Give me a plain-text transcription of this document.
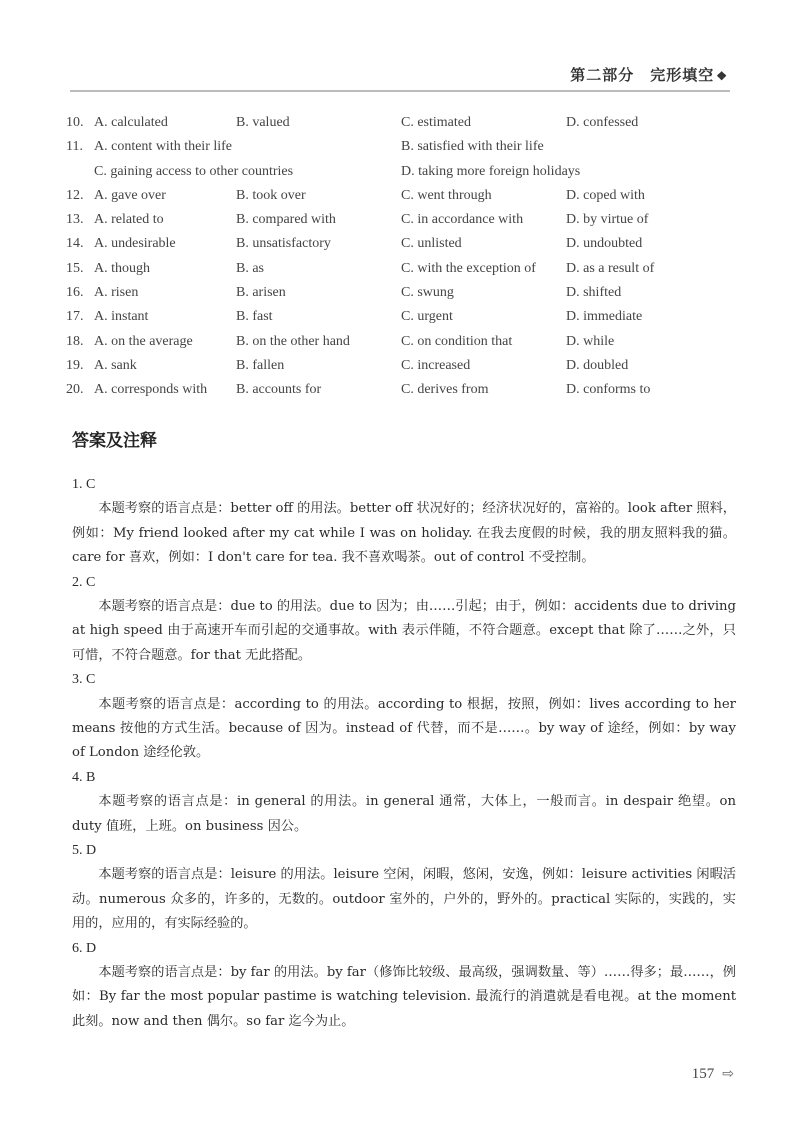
第二部分　完形填空 ❖
10. A. calculated	B. valued	C. estimated	D. confessed
11. A. content with their life	B. satisfied with their life
C. gaining access to other countries	D. taking more foreign holidays
12. A. gave over	B. took over	C. went through	D. coped with
13. A. related to	B. compared with	C. in accordance with	D. by virtue of
14. A. undesirable	B. unsatisfactory	C. unlisted	D. undoubted
15. A. though	B. as	C. with the exception of D. as a result of
16. A. risen	B. arisen	C. swung	D. shifted
17. A. instant	B. fast	C. urgent	D. immediate
18. A. on the average	B. on the other hand	C. on condition that	D. while
19. A. sank	B. fallen	C. increased	D. doubled
20. A. corresponds with B. accounts for	C. derives from	D. conforms to
答案及注释
1. C

本题考察的语言点是：better off 的用法。better off 状况好的；经济状况好的，富裕的。look after 照料，例如：My friend looked after my cat while I was on holiday. 在我去度假的时候，我的朋友照料我的猫。care for 喜欢，例如：I don't care for tea. 我不喜欢喝茶。out of control 不受控制。

2. C

本题考察的语言点是：due to 的用法。due to 因为；由……引起；由于，例如：accidents due to driving at high speed 由于高速开车而引起的交通事故。with 表示伴随，不符合题意。except that 除了……之外，只可惜，不符合题意。for that 无此搭配。

3. C

本题考察的语言点是：according to 的用法。according to 根据，按照，例如：lives according to her means 按他的方式生活。because of 因为。instead of 代替，而不是……。by way of 途经，例如：by way of London 途经伦敦。

4. B

本题考察的语言点是：in general 的用法。in general 通常，大体上，一般而言。in despair 绝望。on duty 值班，上班。on business 因公。

5. D

本题考察的语言点是：leisure 的用法。leisure 空闲，闲暇，悠闲，安逸，例如：leisure activities 闲暇活动。numerous 众多的，许多的，无数的。outdoor 室外的，户外的，野外的。practical 实际的，实践的，实用的，应用的，有实际经验的。

6. D

本题考察的语言点是：by far 的用法。by far（修饰比较级、最高级，强调数量、等）……得多；最……，例如：By far the most popular pastime is watching television. 最流行的消遣就是看电视。at the moment 此刻。now and then 偶尔。so far 迄今为止。

157 ⇨
